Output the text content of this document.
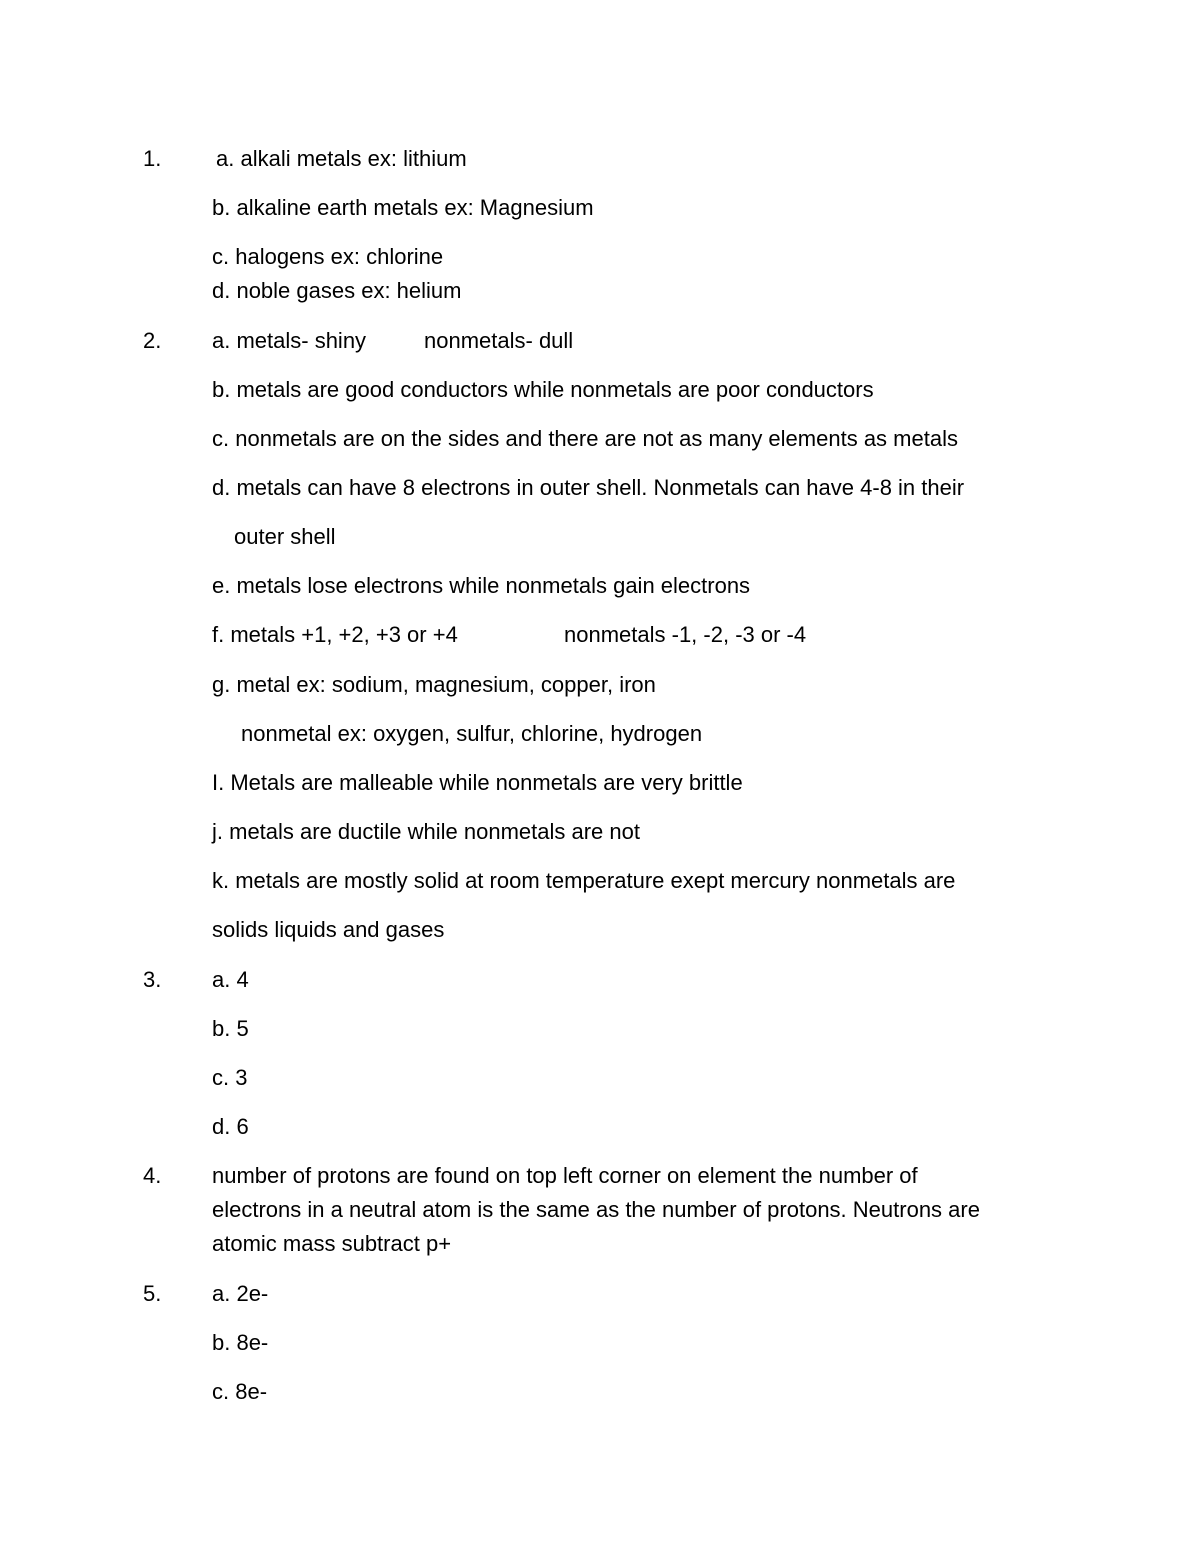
1. a. alkali metals ex: lithium
b. alkaline earth metals ex: Magnesium
c. halogens ex: chlorine
d. noble gases ex: helium
2. a. metals- shiny	nonmetals- dull
b. metals are good conductors while nonmetals are poor conductors
c. nonmetals are on the sides and there are not as many elements as metals
d. metals can have 8 electrons in outer shell. Nonmetals can have 4-8 in their
outer shell
e. metals lose electrons while nonmetals gain electrons
f. metals +1, +2, +3 or +4	nonmetals -1, -2, -3 or -4
g. metal ex: sodium, magnesium, copper, iron
nonmetal ex: oxygen, sulfur, chlorine, hydrogen
I. Metals are malleable while nonmetals are very brittle
j. metals are ductile while nonmetals are not
k. metals are mostly solid at room temperature exept mercury nonmetals are
solids liquids and gases
3. a. 4
b. 5
c. 3
d. 6
4. number of protons are found on top left corner on element the number of
electrons in a neutral atom is the same as the number of protons. Neutrons are
atomic mass subtract p+
5. a. 2e-
b. 8e-
c. 8e-
